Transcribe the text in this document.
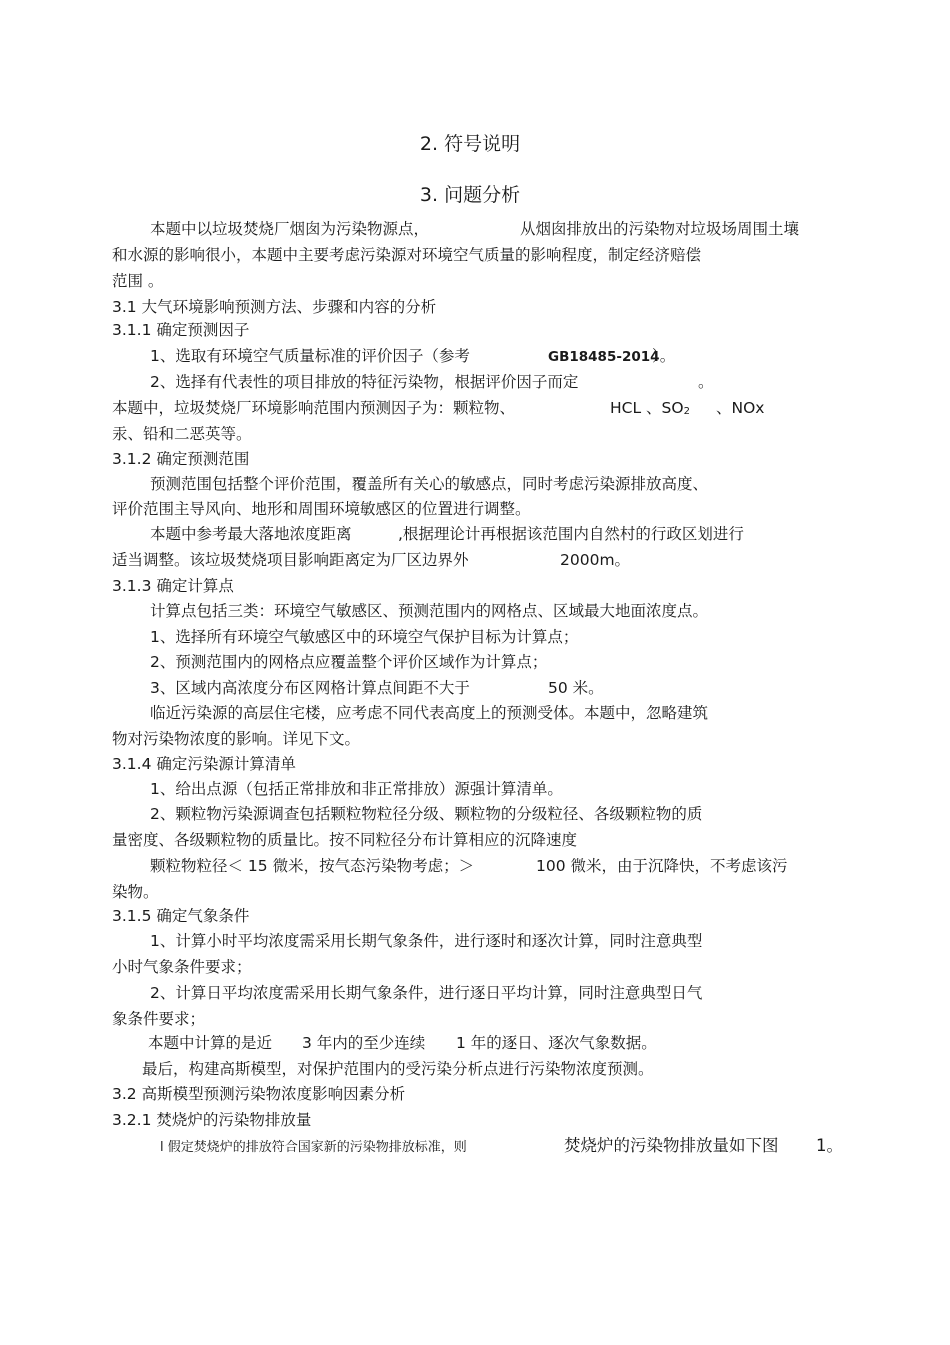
2. 符号说明
3. 问题分析
本题中以垃圾焚烧厂烟囱为污染物源点，	从烟囱排放出的污染物对垃圾场周围土壤
和水源的影响很小，本题中主要考虑污染源对环境空气质量的影响程度，制定经济赔偿
范围 。
3.1 大气环境影响预测方法、步骤和内容的分析
3.1.1 确定预测因子
1、选取有环境空气质量标准的评价因子（参考	GB18485-2014
）。
2、选择有代表性的项目排放的特征污染物，根据评价因子而定	。
本题中，垃圾焚烧厂环境影响范围内预测因子为：颗粒物、	HCL 、SO2 、NOx
汞、铅和二恶英等。
3.1.2 确定预测范围
预测范围包括整个评价范围，覆盖所有关心的敏感点，同时考虑污染源排放高度、
评价范围主导风向、地形和周围环境敏感区的位置进行调整。
本题中参考最大落地浓度距离	,根据理论计再根据该范围内自然村的行政区划进行
适当调整。该垃圾焚烧项目影响距离定为厂区边界外	2000m。
3.1.3 确定计算点
计算点包括三类：环境空气敏感区、预测范围内的网格点、区域最大地面浓度点。
1、选择所有环境空气敏感区中的环境空气保护目标为计算点；
2、预测范围内的网格点应覆盖整个评价区域作为计算点；
3、区域内高浓度分布区网格计算点间距不大于	50 米。
临近污染源的高层住宅楼，应考虑不同代表高度上的预测受体。本题中，忽略建筑
物对污染物浓度的影响。详见下文。
3.1.4 确定污染源计算清单
1、给出点源（包括正常排放和非正常排放）源强计算清单。
2、颗粒物污染源调查包括颗粒物粒径分级、颗粒物的分级粒径、各级颗粒物的质
量密度、各级颗粒物的质量比。按不同粒径分布计算相应的沉降速度
颗粒物粒径＜ 15 微米，按气态污染物考虑；＞	100 微米，由于沉降快，不考虑该污
染物。
3.1.5 确定气象条件
1、计算小时平均浓度需采用长期气象条件，进行逐时和逐次计算，同时注意典型
小时气象条件要求；
2、计算日平均浓度需采用长期气象条件，进行逐日平均计算，同时注意典型日气
象条件要求；
本题中计算的是近 3 年内的至少连续 1 年的逐日、逐次气象数据。
最后，构建高斯模型，对保护范围内的受污染分析点进行污染物浓度预测。
3.2 高斯模型预测污染物浓度影响因素分析
3.2.1 焚烧炉的污染物排放量
l 假定焚烧炉的排放符合国家新的污染物排放标准，则	焚烧炉的污染物排放量如下图 1。
